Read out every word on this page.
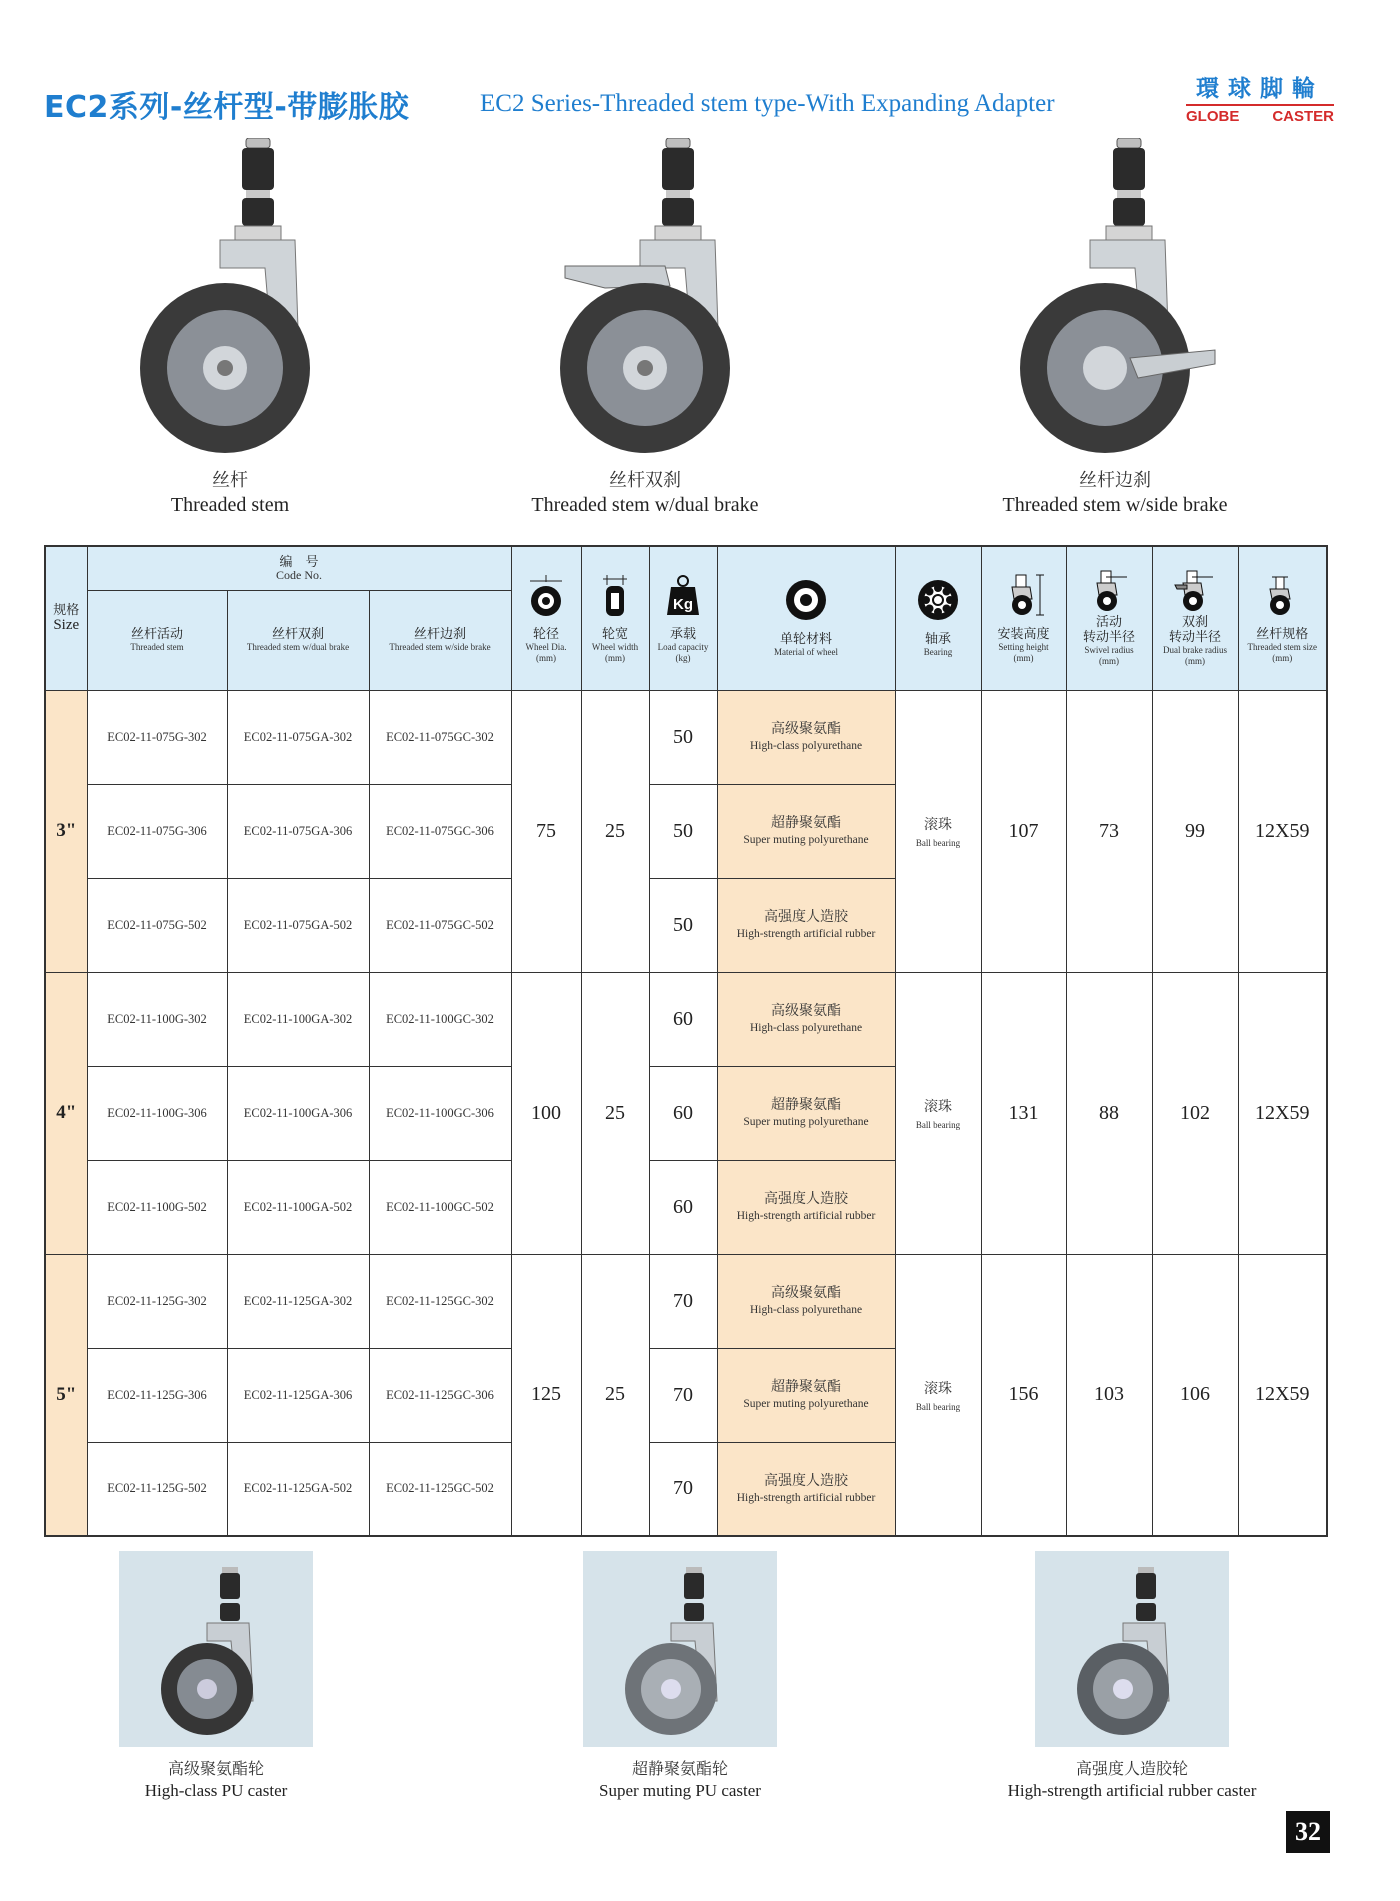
EC2系列-丝杆型-带膨胀胶	EC2 Series-Threaded stem type-With Expanding Adapter
環球脚輪
GLOBE CASTER
丝杆
Threaded stem
丝杆双刹
Threaded stem w/dual brake
丝杆边刹
Threaded stem w/side brake
规格
Size	编　号
Code No.			轮径
Wheel Dia.
(mm)	轮宽
Wheel width
(mm)	Kg
承载
Load capacity
(kg)	单轮材料
Material of wheel	轴承
Bearing	安装高度
Setting height
(mm)	活动
转动半径
Swivel radius
(mm)	双刹
转动半径
Dual brake radius
(mm)	丝杆规格
Threaded stem size
(mm)

	丝杆活动
Threaded stem	丝杆双刹
Threaded stem w/dual brake	丝杆边刹
Threaded stem w/side brake									

3"	EC02-11-075G-302	EC02-11-075GA-302	EC02-11-075GC-302	75	25	50	高级聚氨酯
High-class polyurethane	滚珠
Ball bearing	107	73	99	12X59
	EC02-11-075G-306	EC02-11-075GA-306	EC02-11-075GC-306			50	超静聚氨酯
Super muting polyurethane					

	EC02-11-075G-502	EC02-11-075GA-502	EC02-11-075GC-502			50	高强度人造胶
High-strength artificial rubber					

4"	EC02-11-100G-302	EC02-11-100GA-302	EC02-11-100GC-302	100	25	60	高级聚氨酯
High-class polyurethane	滚珠
Ball bearing	131	88	102	12X59
	EC02-11-100G-306	EC02-11-100GA-306	EC02-11-100GC-306			60	超静聚氨酯
Super muting polyurethane					

	EC02-11-100G-502	EC02-11-100GA-502	EC02-11-100GC-502			60	高强度人造胶
High-strength artificial rubber					

5"	EC02-11-125G-302	EC02-11-125GA-302	EC02-11-125GC-302	125	25	70	高级聚氨酯
High-class polyurethane	滚珠
Ball bearing	156	103	106	12X59
	EC02-11-125G-306	EC02-11-125GA-306	EC02-11-125GC-306			70	超静聚氨酯
Super muting polyurethane					

	EC02-11-125G-502	EC02-11-125GA-502	EC02-11-125GC-502			70	高强度人造胶
High-strength artificial rubber					
高级聚氨酯轮
High-class PU caster
超静聚氨酯轮
Super muting PU caster
高强度人造胶轮
High-strength artificial rubber caster
32
